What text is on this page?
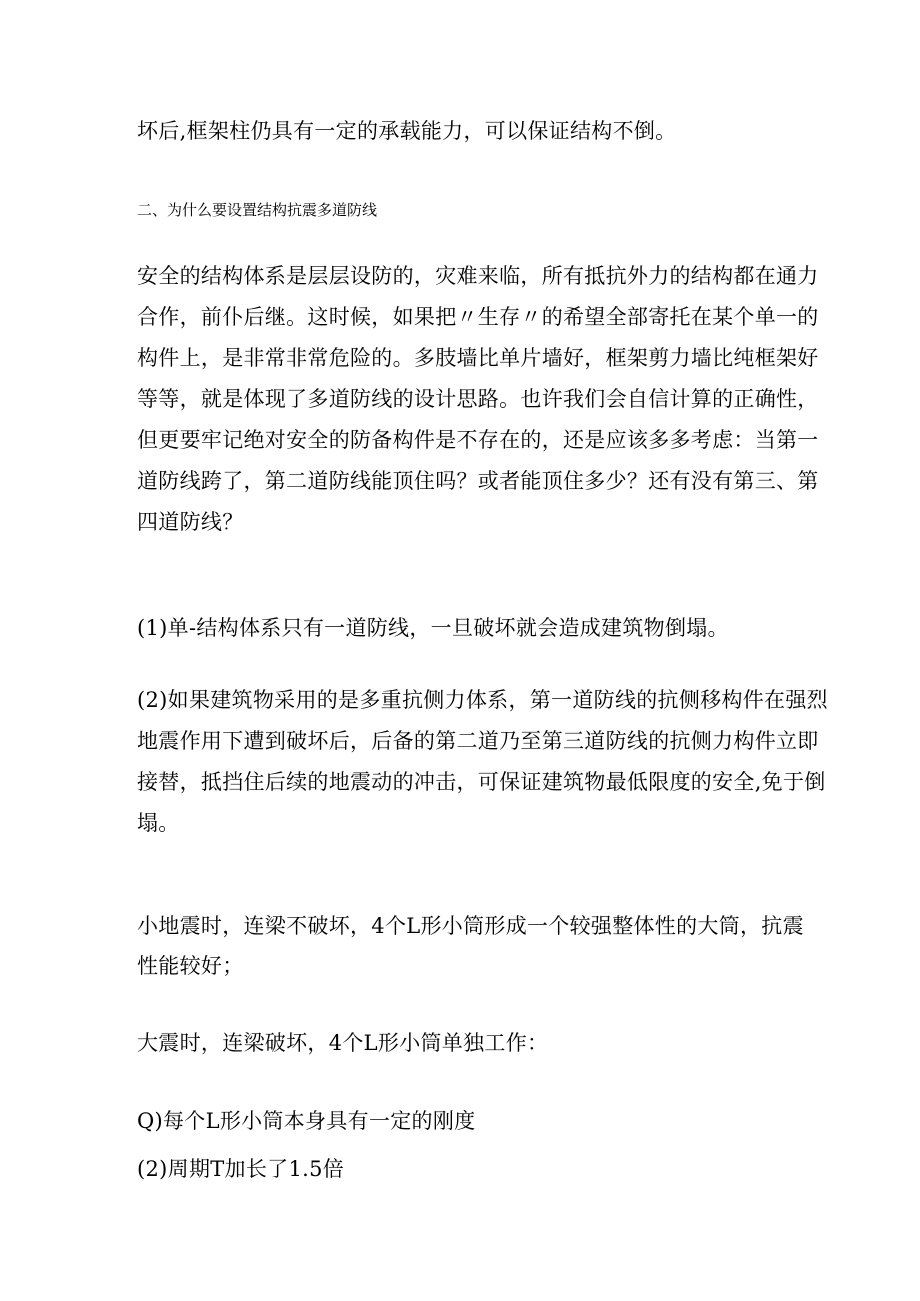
坏后,框架柱仍具有一定的承载能力，可以保证结构不倒。
二、为什么要设置结构抗震多道防线
安全的结构体系是层层设防的，灾难来临，所有抵抗外力的结构都在通力
合作，前仆后继。这时候，如果把〃生存〃的希望全部寄托在某个单一的
构件上，是非常非常危险的。多肢墙比单片墙好，框架剪力墙比纯框架好
等等，就是体现了多道防线的设计思路。也许我们会自信计算的正确性，
但更要牢记绝对安全的防备构件是不存在的，还是应该多多考虑：当第一
道防线跨了，第二道防线能顶住吗？或者能顶住多少？还有没有第三、第
四道防线？
(1)单-结构体系只有一道防线，一旦破坏就会造成建筑物倒塌。
(2)如果建筑物采用的是多重抗侧力体系，第一道防线的抗侧移构件在强烈
地震作用下遭到破坏后，后备的第二道乃至第三道防线的抗侧力构件立即
接替，抵挡住后续的地震动的冲击，可保证建筑物最低限度的安全,免于倒
塌。
小地震时，连梁不破坏，4个L形小筒形成一个较强整体性的大筒，抗震
性能较好；
大震时，连梁破坏，4个L形小筒单独工作：
Q)每个L形小筒本身具有一定的刚度
(2)周期T加长了1.5倍
